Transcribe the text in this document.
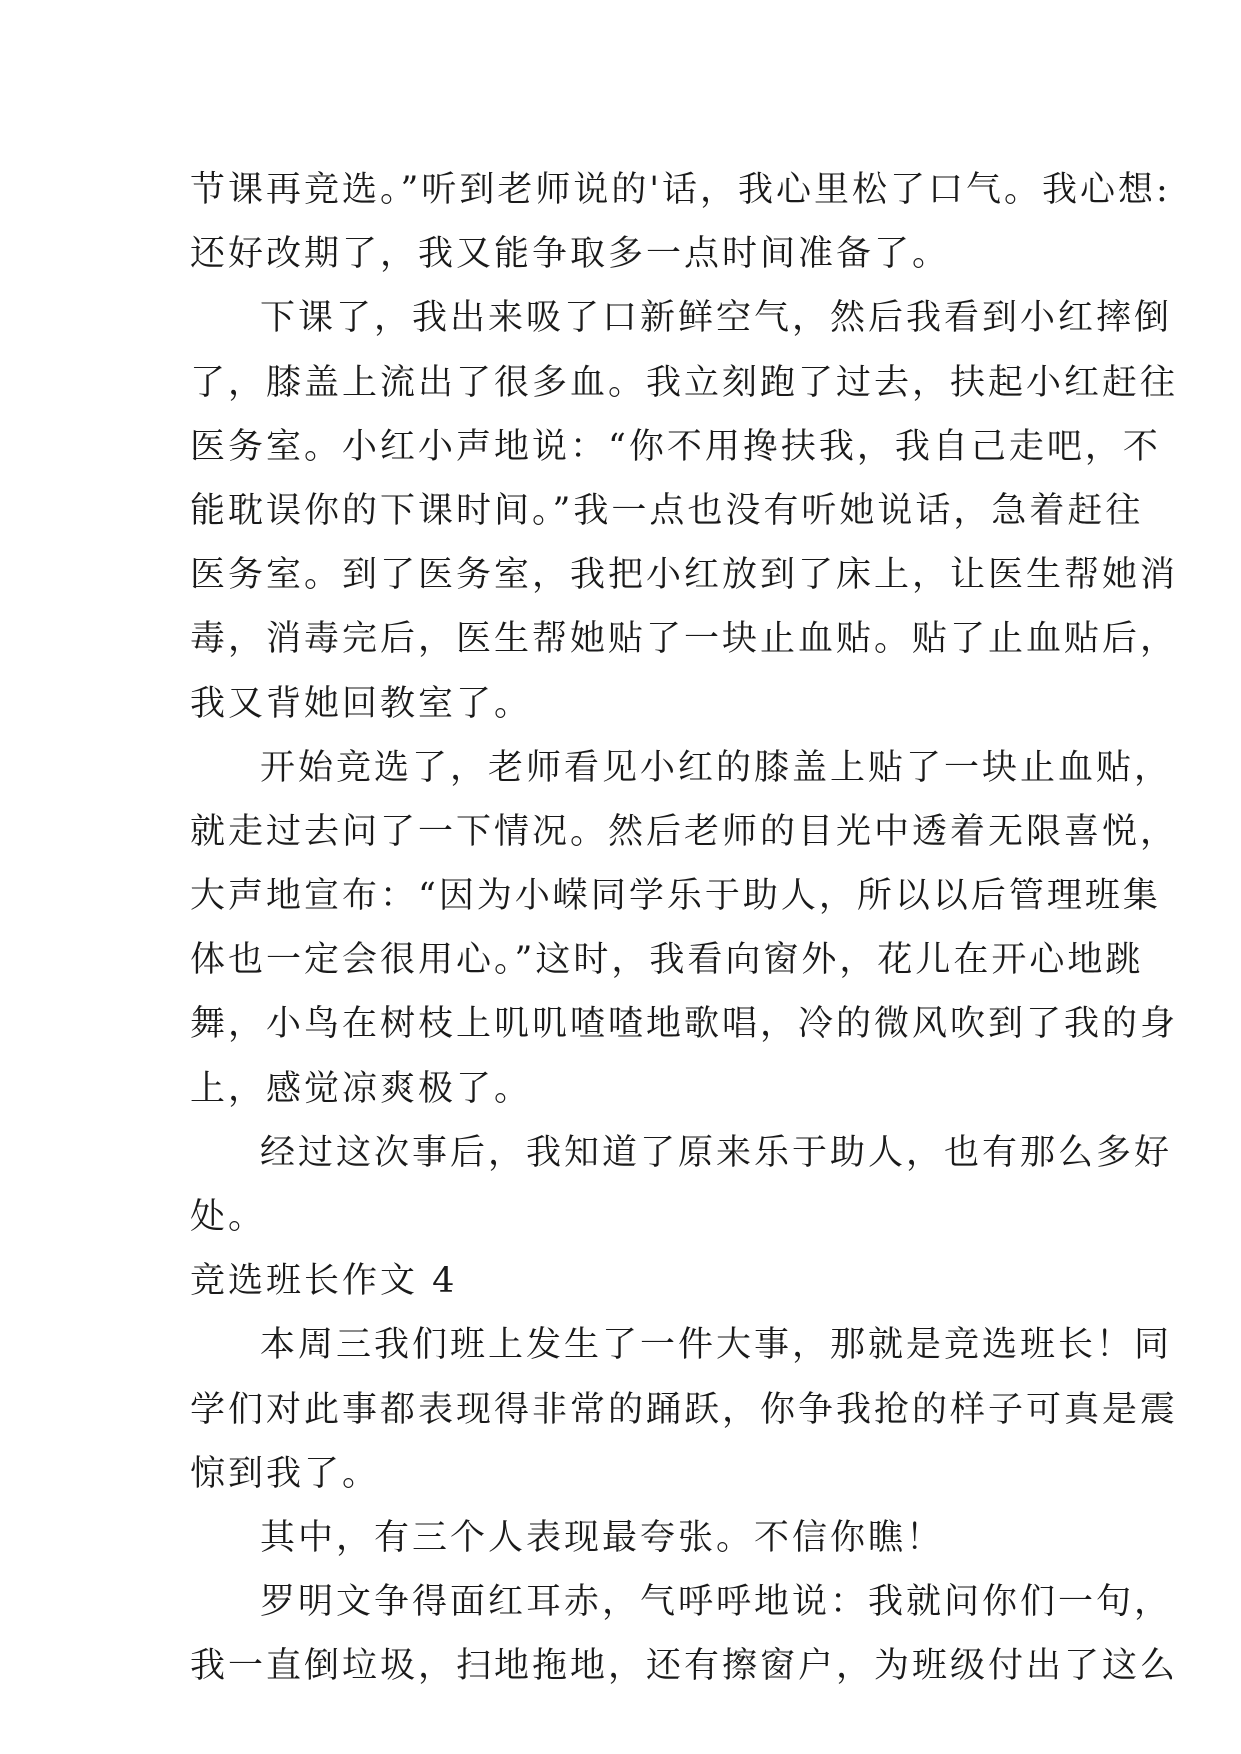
节课再竞选。”听到老师说的'话，我心里松了口气。我心想:
还好改期了，我又能争取多一点时间准备了。
下课了，我出来吸了口新鲜空气，然后我看到小红摔倒
了，膝盖上流出了很多血。我立刻跑了过去，扶起小红赶往
医务室。小红小声地说：“你不用搀扶我，我自己走吧，不
能耽误你的下课时间。”我一点也没有听她说话，急着赶往
医务室。到了医务室，我把小红放到了床上，让医生帮她消
毒，消毒完后，医生帮她贴了一块止血贴。贴了止血贴后，
我又背她回教室了。
开始竞选了，老师看见小红的膝盖上贴了一块止血贴，
就走过去问了一下情况。然后老师的目光中透着无限喜悦，
大声地宣布：“因为小嵘同学乐于助人，所以以后管理班集
体也一定会很用心。”这时，我看向窗外，花儿在开心地跳
舞，小鸟在树枝上叽叽喳喳地歌唱，冷的微风吹到了我的身
上，感觉凉爽极了。
经过这次事后，我知道了原来乐于助人，也有那么多好
处。
竞选班长作文 4
本周三我们班上发生了一件大事，那就是竞选班长！同
学们对此事都表现得非常的踊跃，你争我抢的样子可真是震
惊到我了。
其中，有三个人表现最夸张。不信你瞧！
罗明文争得面红耳赤，气呼呼地说：我就问你们一句，
我一直倒垃圾，扫地拖地，还有擦窗户，为班级付出了这么
